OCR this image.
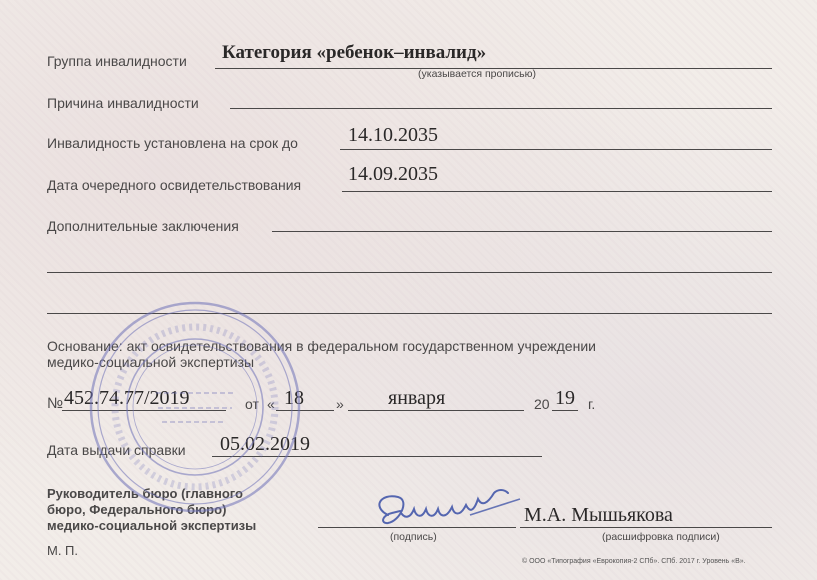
Группа инвалидности Категория «ребенок–инвалид»
(указывается прописью)
Причина инвалидности
Инвалидность установлена на срок до	14.10.2035
Дата очередного освидетельствования 14.09.2035
Дополнительные заключения
Основание: акт освидетельствования в федеральном государственном учреждении
медико-социальной экспертизы
№ 452.74.77/2019	от « 18 » января	20 19 г.
Дата выдачи справки 05.02.2019
Руководитель бюро (главного
бюро, Федерального бюро)
медико-социальной экспертизы
(подпись)
М.А. Мышьякова
(расшифровка подписи)
М. П.
© ООО «Типография «Еврокопия-2 СПб». СПб. 2017 г. Уровень «В».
